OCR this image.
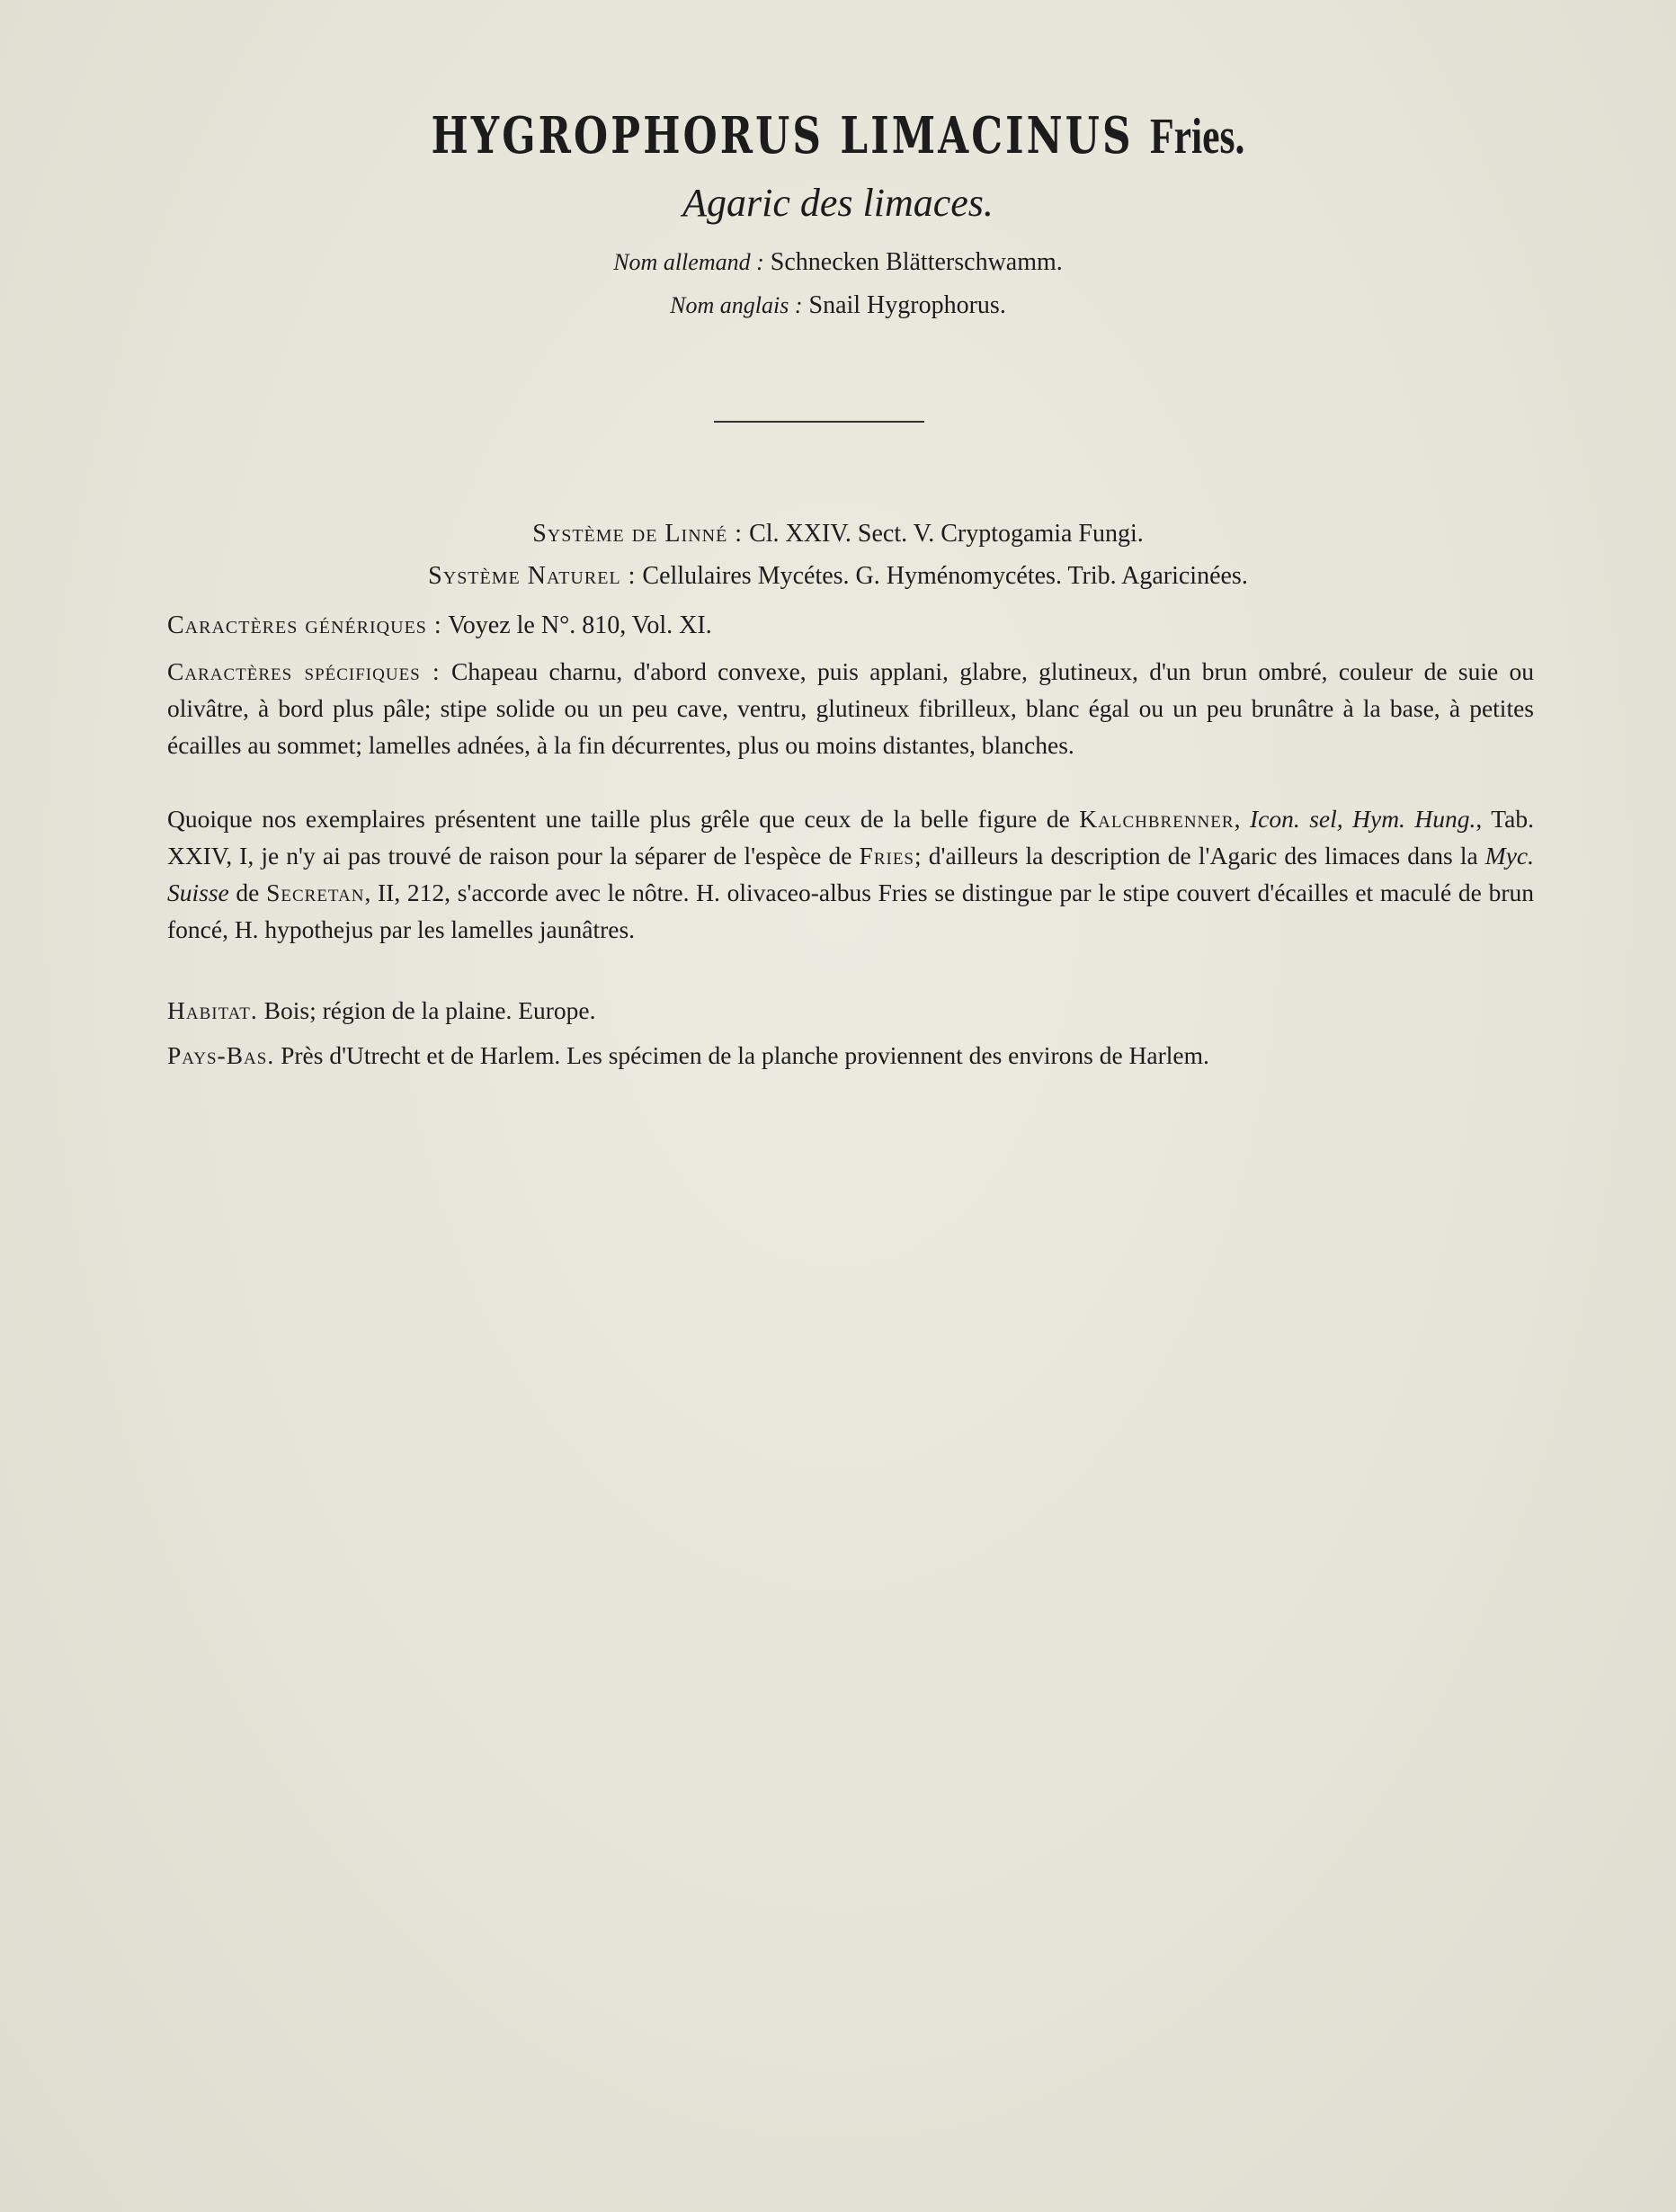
HYGROPHORUS LIMACINUS Fries.
Agaric des limaces.
Nom allemand : Schnecken Blätterschwamm.
Nom anglais : Snail Hygrophorus.
Système de Linné : Cl. XXIV. Sect. V. Cryptogamia Fungi.
Système Naturel : Cellulaires Mycétes. G. Hyménomycétes. Trib. Agaricinées.
Caractères génériques : Voyez le N°. 810, Vol. XI.
Caractères spécifiques : Chapeau charnu, d'abord convexe, puis applani, glabre, glutineux, d'un brun ombré, couleur de suie ou olivâtre, à bord plus pâle; stipe solide ou un peu cave, ventru, glutineux fibrilleux, blanc égal ou un peu brunâtre à la base, à petites écailles au sommet; lamelles adnées, à la fin décurrentes, plus ou moins distantes, blanches.
Quoique nos exemplaires présentent une taille plus grêle que ceux de la belle figure de Kalchbrenner, Icon. sel, Hym. Hung., Tab. XXIV, I, je n'y ai pas trouvé de raison pour la séparer de l'espèce de Fries; d'ailleurs la description de l'Agaric des limaces dans la Myc. Suisse de Secretan, II, 212, s'accorde avec le nôtre. H. olivaceo-albus Fries se distingue par le stipe couvert d'écailles et maculé de brun foncé, H. hypothejus par les lamelles jaunâtres.
Habitat. Bois; région de la plaine. Europe.
Pays-Bas. Près d'Utrecht et de Harlem. Les spécimen de la planche proviennent des environs de Harlem.
